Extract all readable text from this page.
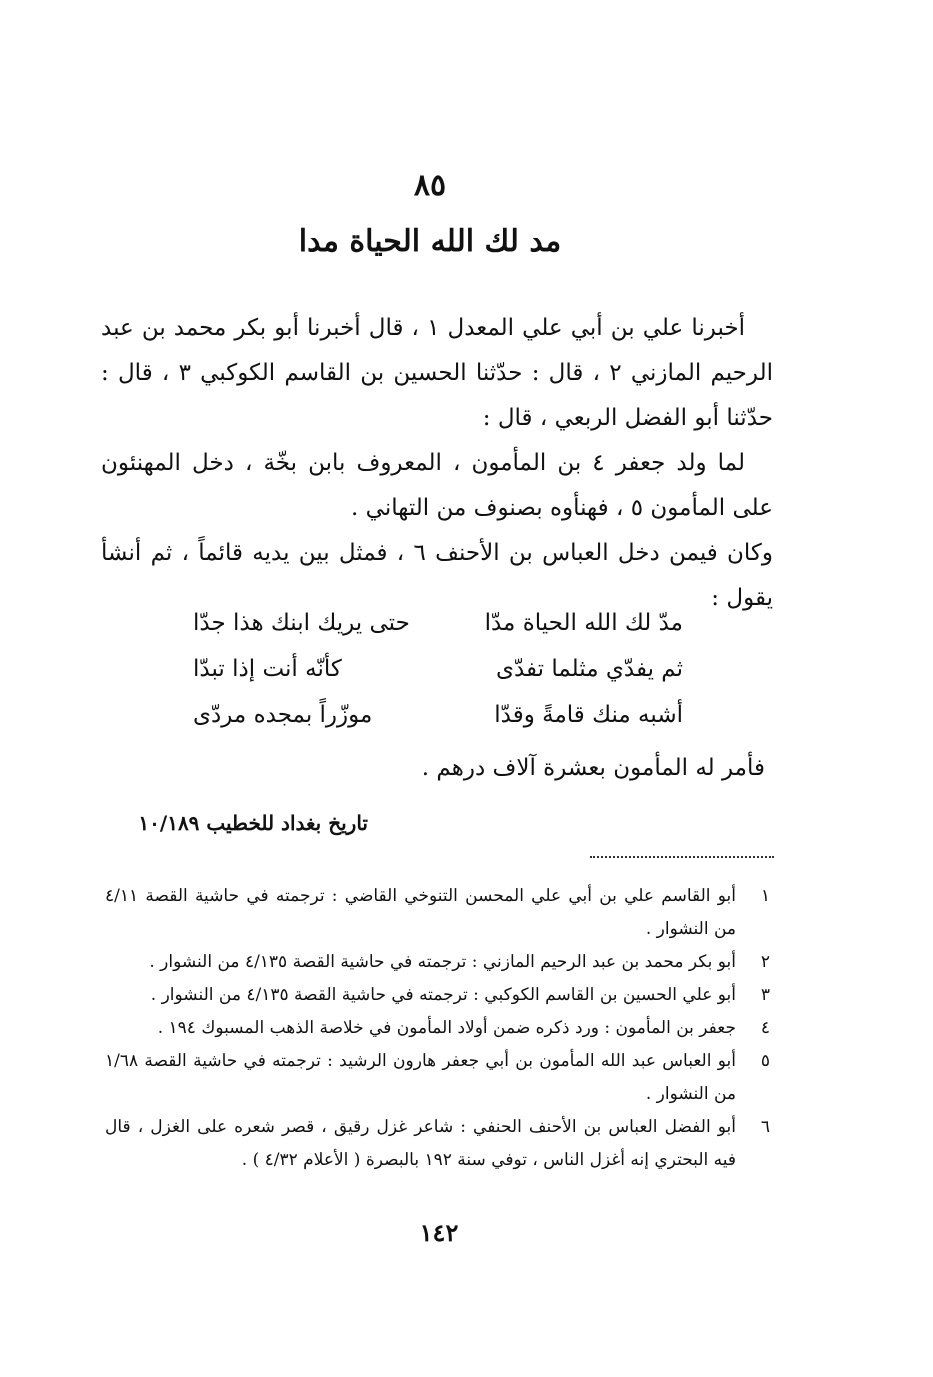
٨٥
مد لك الله الحياة مدا

أخبرنا علي بن أبي علي المعدل ١ ، قال أخبرنا أبو بكر محمد بن عبد الرحيم المازني ٢ ، قال : حدّثنا الحسين بن القاسم الكوكبي ٣ ، قال : حدّثنا أبو الفضل الربعي ، قال :

لما ولد جعفر ٤ بن المأمون ، المعروف بابن بخّة ، دخل المهنئون على المأمون ٥ ، فهنأوه بصنوف من التهاني .

وكان فيمن دخل العباس بن الأحنف ٦ ، فمثل بين يديه قائماً ، ثم أنشأ يقول :

مدّ لك الله الحياة مدّا
حتى يريك ابنك هذا جدّا
ثم يفدّي مثلما تفدّى
كأنّه أنت إذا تبدّا
أشبه منك قامةً وقدّا
موزّراً بمجده مردّى
فأمر له المأمون بعشرة آلاف درهم .
تاريخ بغداد للخطيب ١٠/١٨٩
١
أبو القاسم علي بن أبي علي المحسن التنوخي القاضي : ترجمته في حاشية القصة ٤/١١ من النشوار .
٢
أبو بكر محمد بن عبد الرحيم المازني : ترجمته في حاشية القصة ٤/١٣٥ من النشوار .
٣
أبو علي الحسين بن القاسم الكوكبي : ترجمته في حاشية القصة ٤/١٣٥ من النشوار .
٤
جعفر بن المأمون : ورد ذكره ضمن أولاد المأمون في خلاصة الذهب المسبوك ١٩٤ .
٥
أبو العباس عبد الله المأمون بن أبي جعفر هارون الرشيد : ترجمته في حاشية القصة ١/٦٨ من النشوار .
٦
أبو الفضل العباس بن الأحنف الحنفي : شاعر غزل رقيق ، قصر شعره على الغزل ، قال فيه البحتري إنه أغزل الناس ، توفي سنة ١٩٢ بالبصرة ( الأعلام ٤/٣٢ ) .
١٤٢
